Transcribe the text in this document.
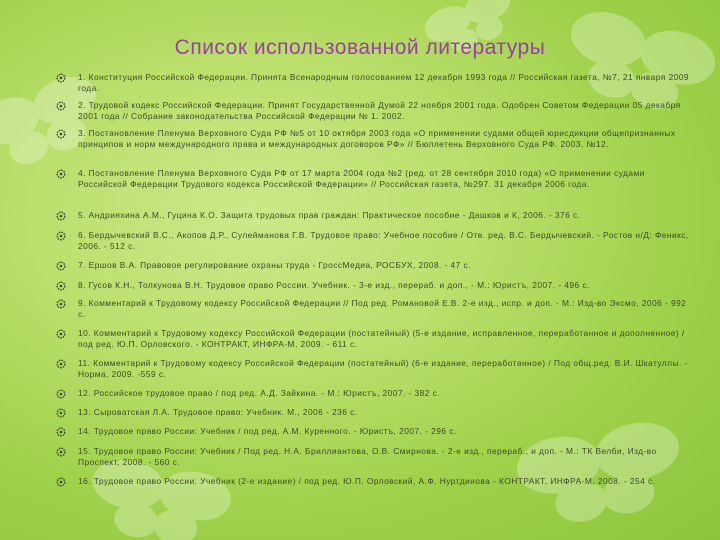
Список использованной литературы
1. Конституция Российской Федерации. Принята Всенародным голосованием 12 декабря 1993 года // Российская газета, №7, 21 января 2009 года.
2. Трудовой кодекс Российской Федерации. Принят Государственной Думой 22 ноября 2001 года. Одобрен Советом Федерации 05 декабря 2001 года // Собрание законодательства Российской Федерации № 1. 2002.
3. Постановление Пленума Верховного Суда РФ №5 от 10 октября 2003 года «О применении судами общей юрисдикции общепризнанных принципов и норм международного права и международных договоров РФ» // Бюллетень Верховного Суда РФ. 2003. №12.
4. Постановление Пленума Верховного Суда РФ от 17 марта 2004 года №2 (ред. от 28 сентября 2010 года) «О применении судами Российской Федерации Трудового кодекса Российской Федерации» // Российская газета, №297. 31 декабря 2006 года.
5. Андрияхина А.М., Гуцина К.О. Защита трудовых прав граждан: Практическое пособие - Дашков и К, 2006. - 376 с.
6. Бердычевский В.С., Акопов Д.Р., Сулейманова Г.В. Трудовое право: Учебное пособие / Отв. ред. В.С. Бердычевский. - Ростов н/Д: Феникс, 2006. - 512 с.
7. Ершов В.А. Правовое регулирование охраны труда - ГроссМедиа, РОСБУХ, 2008. - 47 с.
8. Гусов К.Н., Толкунова В.Н. Трудовое право России. Учебник. - 3-е изд., перераб. и доп., - М.: Юристъ, 2007. - 496 с.
9. Комментарий к Трудовому кодексу Российской Федерации // Под ред. Романовой Е.В. 2-е изд., испр. и доп. - М.: Изд-во Эксмо, 2006 - 992 с.
10. Комментарий к Трудовому кодексу Российской Федерации (постатейный) (5-е издание, исправленное, переработанное и дополненное) / под ред. Ю.П. Орловского. - КОНТРАКТ, ИНФРА-М, 2009. - 611 с.
11. Комментарий к Трудовому кодексу Российской Федерации (постатейный) (6-е издание, переработанное) / Под общ.ред. В.И. Шкатуллы. - Норма, 2009. -559 с.
12. Российское трудовое право / под ред. А.Д. Зайкина. - М.: Юристъ, 2007. - 382 с.
13. Сыроватская Л.А. Трудовое право: Учебник. М., 2006 - 236 с.
14. Трудовое право России: Учебник / под ред. А.М. Куренного. - Юристъ, 2007. - 296 с.
15. Трудовое право России: Учебник / Под ред. Н.А. Бриллиантова, О.В. Смирнова. - 2-е изд., перераб., и доп. - М.: ТК Велби, Изд-во Проспект, 2008. - 560 с.
16. Трудовое право России: Учебник (2-е издание) / под ред. Ю.П. Орловский, А.Ф. Нуртдинова - КОНТРАКТ, ИНФРА-М, 2008. - 254 с.
